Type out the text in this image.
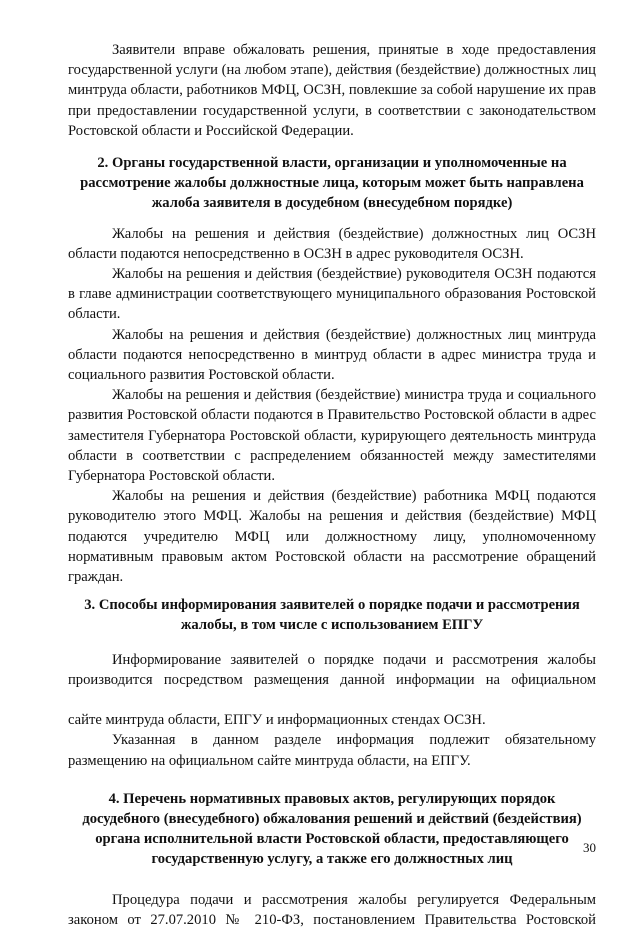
Заявители вправе обжаловать решения, принятые в ходе предоставления государственной услуги (на любом этапе), действия (бездействие) должностных лиц минтруда области, работников МФЦ, ОСЗН, повлекшие за собой нарушение их прав при предоставлении государственной услуги, в соответствии с законодательством Ростовской области и Российской Федерации.

2. Органы государственной власти, организации и уполномоченные на рассмотрение жалобы должностные лица, которым может быть направлена жалоба заявителя в досудебном (внесудебном порядке)

Жалобы на решения и действия (бездействие) должностных лиц ОСЗН области подаются непосредственно в ОСЗН в адрес руководителя ОСЗН.

Жалобы на решения и действия (бездействие) руководителя ОСЗН подаются в главе администрации соответствующего муниципального образования Ростовской области.

Жалобы на решения и действия (бездействие) должностных лиц минтруда области подаются непосредственно в минтруд области в адрес министра труда и социального развития Ростовской области.

Жалобы на решения и действия (бездействие) министра труда и социального развития Ростовской области подаются в Правительство Ростовской области в адрес заместителя Губернатора Ростовской области, курирующего деятельность минтруда области в соответствии с распределением обязанностей между заместителями Губернатора Ростовской области.

Жалобы на решения и действия (бездействие) работника МФЦ подаются руководителю этого МФЦ. Жалобы на решения и действия (бездействие) МФЦ подаются учредителю МФЦ или должностному лицу, уполномоченному нормативным правовым актом Ростовской области на рассмотрение обращений граждан.

3. Способы информирования заявителей о порядке подачи и рассмотрения жалобы, в том числе с использованием ЕПГУ

Информирование заявителей о порядке подачи и рассмотрения жалобы производится посредством размещения данной информации на официальном

сайте минтруда области, ЕПГУ и информационных стендах ОСЗН.

Указанная в данном разделе информация подлежит обязательному размещению на официальном сайте минтруда области, на ЕПГУ.

4. Перечень нормативных правовых актов, регулирующих порядок досудебного (внесудебного) обжалования решений и действий (бездействия) органа исполнительной власти Ростовской области, предоставляющего государственную услугу, а также его должностных лиц

Процедура подачи и рассмотрения жалобы регулируется Федеральным законом от 27.07.2010 № 210-ФЗ, постановлением Правительства Ростовской

30
